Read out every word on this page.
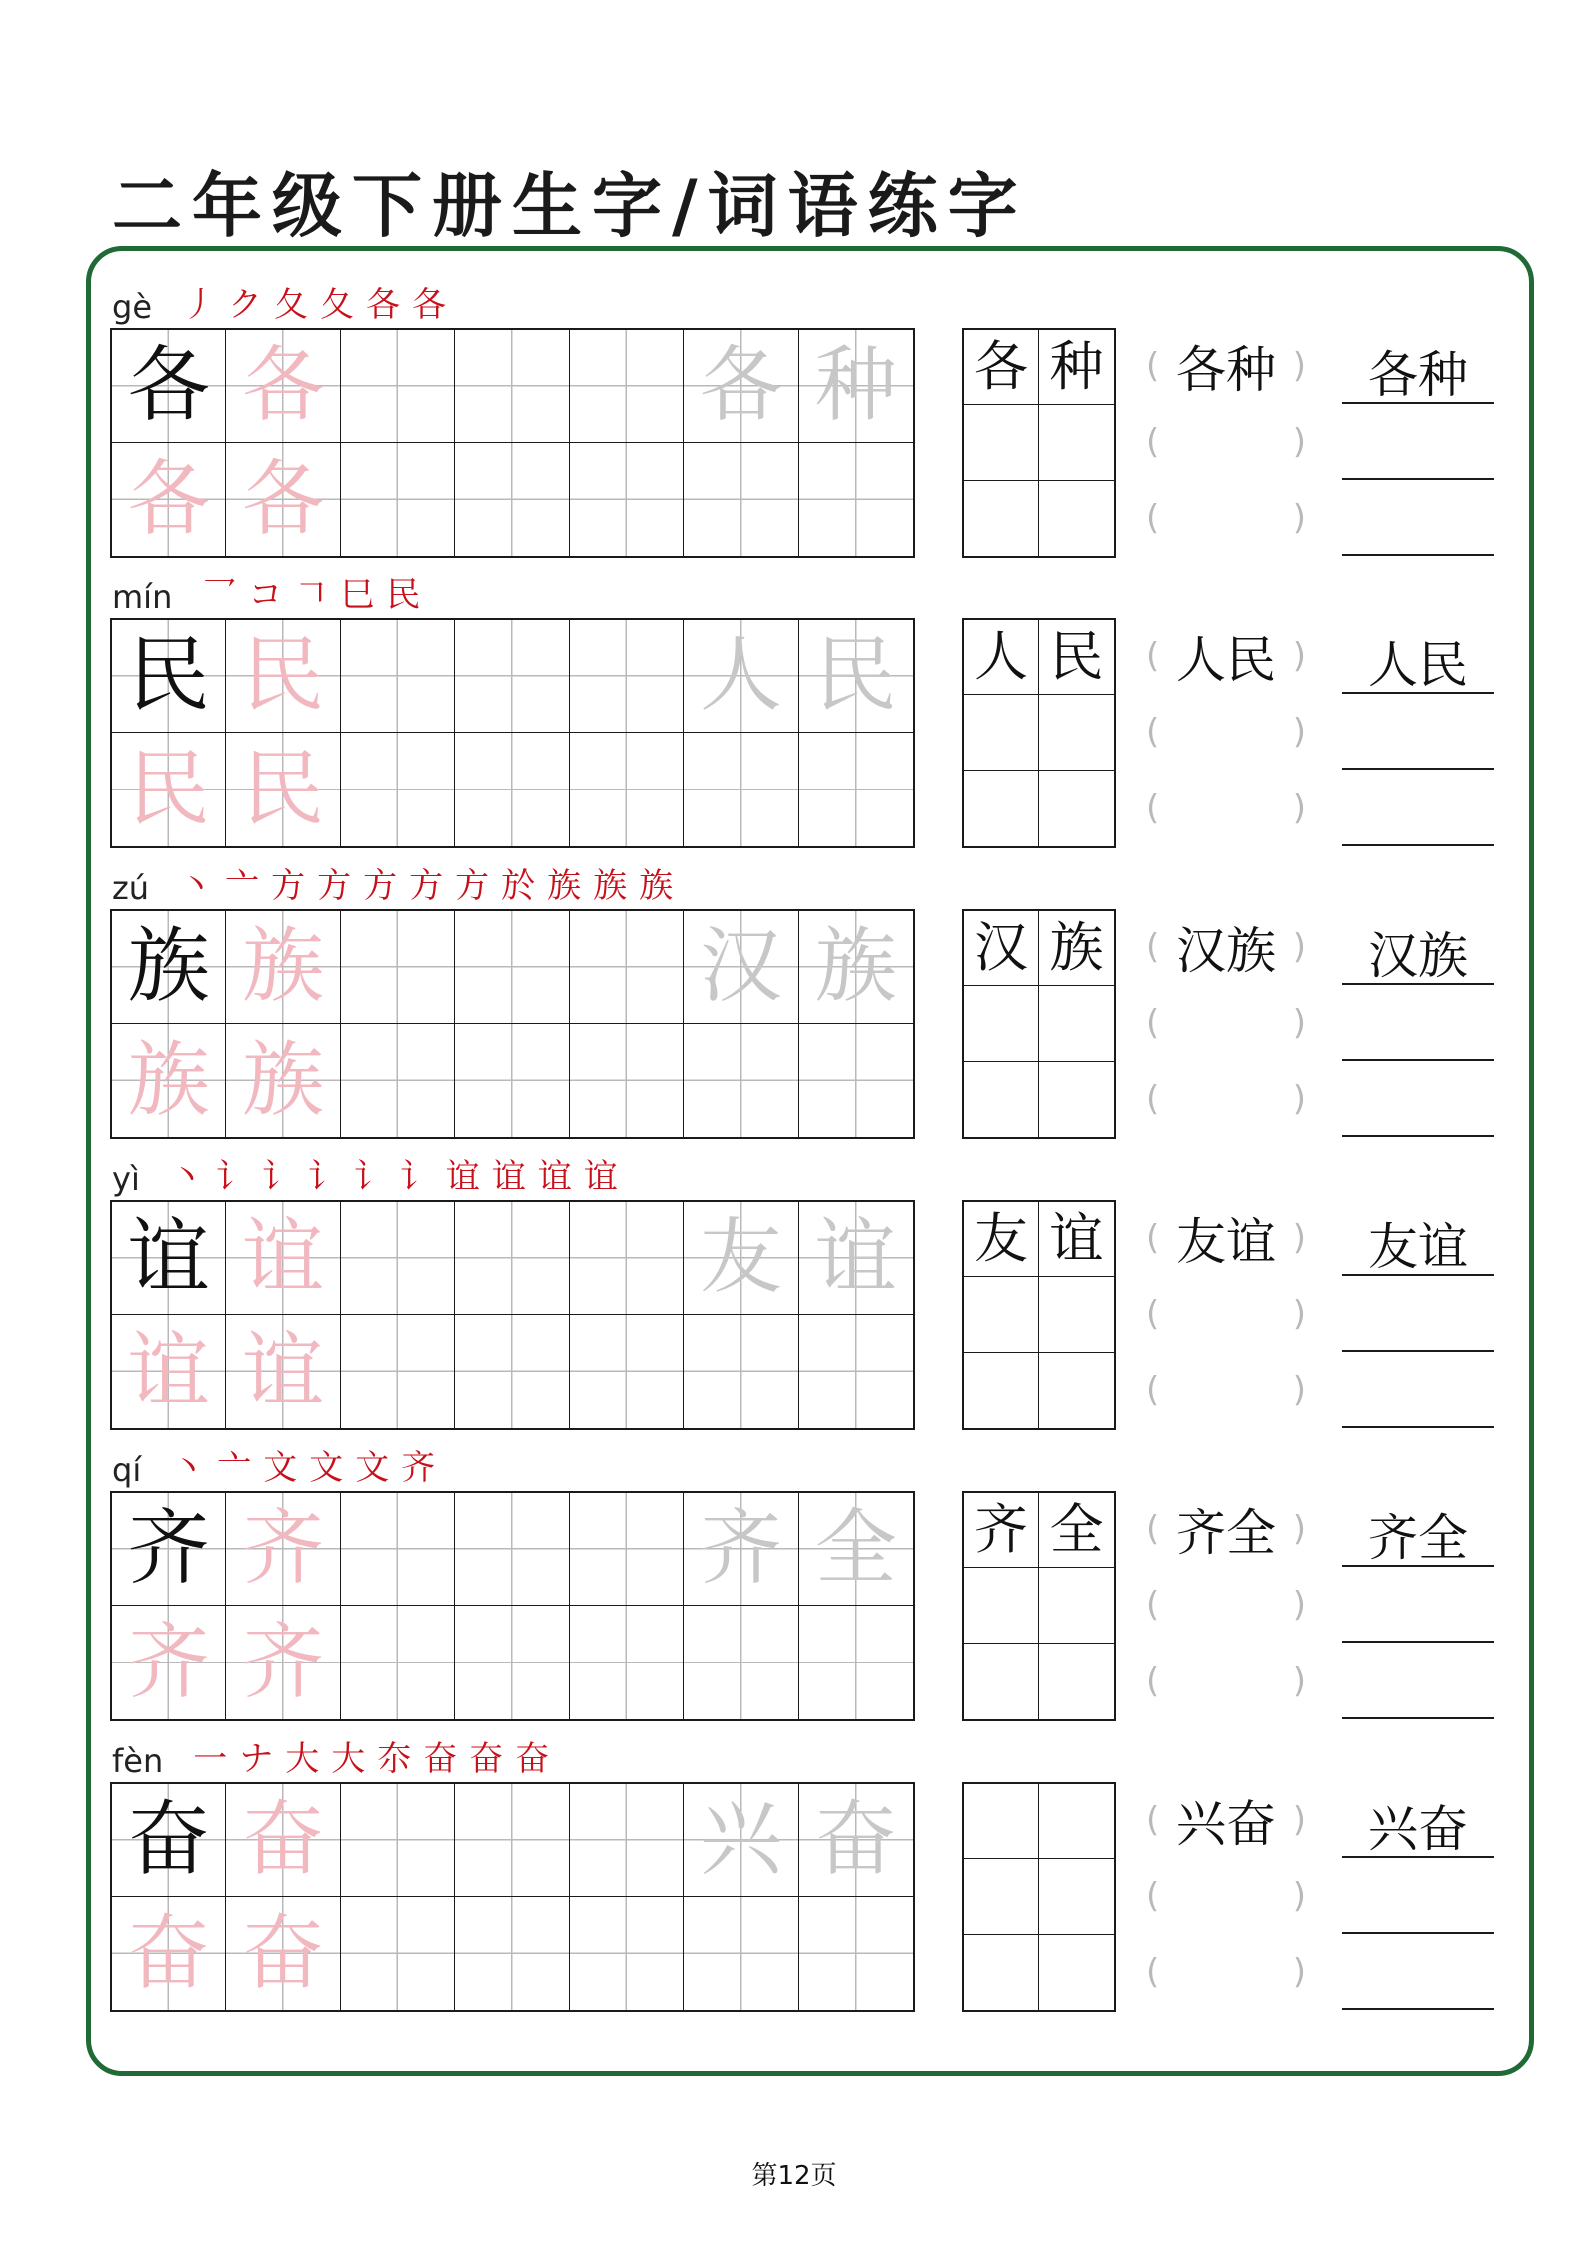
二年级下册生字/词语练字
gè 丿 ク 夂 夂 各 各
各 各	各 种
各 各
各 种	( 各种 )
(	)
(	)
各种
mín 乛 コ 𠃍 巳 民
民 民	人 民
民 民
人 民	( 人民 )
(	)
(	)
人民
zú 丶 亠 方 方 方 方 方 於 族 族 族
族 族	汉 族
族 族
汉 族	( 汉族 )
(	)
(	)
汉族
yì 丶 讠 讠 讠 讠 讠 谊 谊 谊 谊
谊 谊	友 谊
谊 谊
友 谊	( 友谊 )
(	)
(	)
友谊
qí 丶 亠 文 文 文 齐
齐 齐	齐 全
齐 齐
齐 全	( 齐全 )
(	)
(	)
齐全
fèn 一 ナ 大 大 夵 奋 奋 奋
奋 奋	兴 奋
奋 奋
( 兴奋 )
(	)
(	)
兴奋
第12页
